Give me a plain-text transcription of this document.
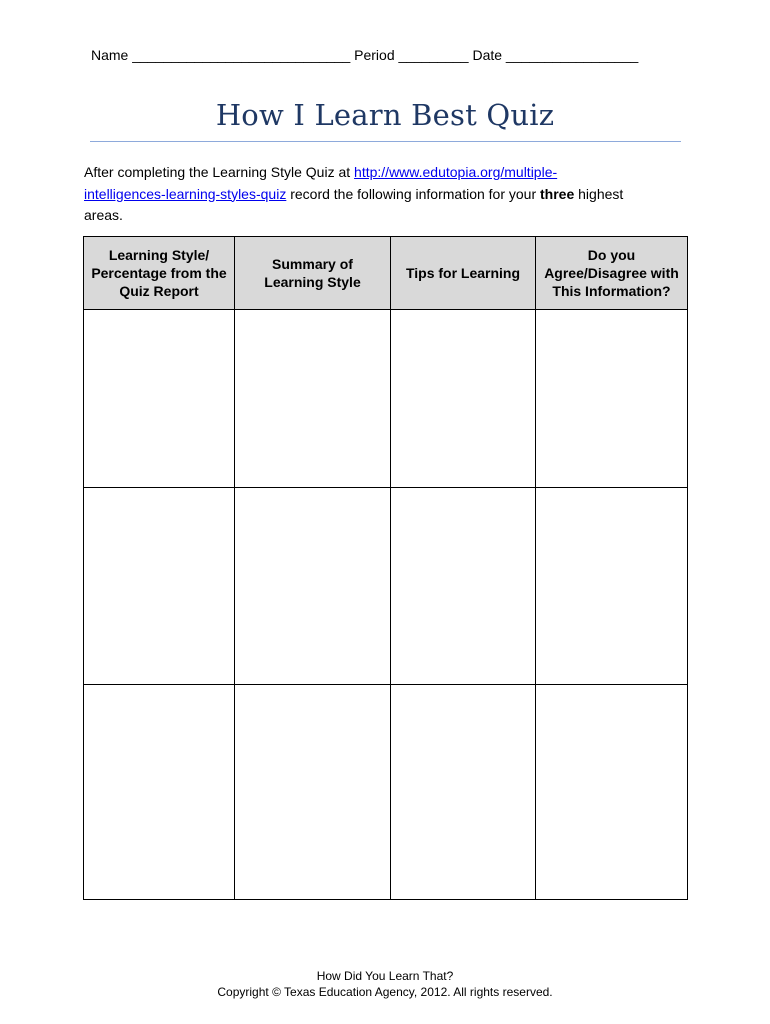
Name ____________________________ Period _________ Date _________________
How I Learn Best Quiz
After completing the Learning Style Quiz at http://www.edutopia.org/multiple-
intelligences-learning-styles-quiz record the following information for your three highest
areas.
Learning Style/ Percentage from the Quiz Report	Summary of Learning Style	Tips for Learning	Do you Agree/Disagree with This Information?

How Did You Learn That?
Copyright © Texas Education Agency, 2012. All rights reserved.
